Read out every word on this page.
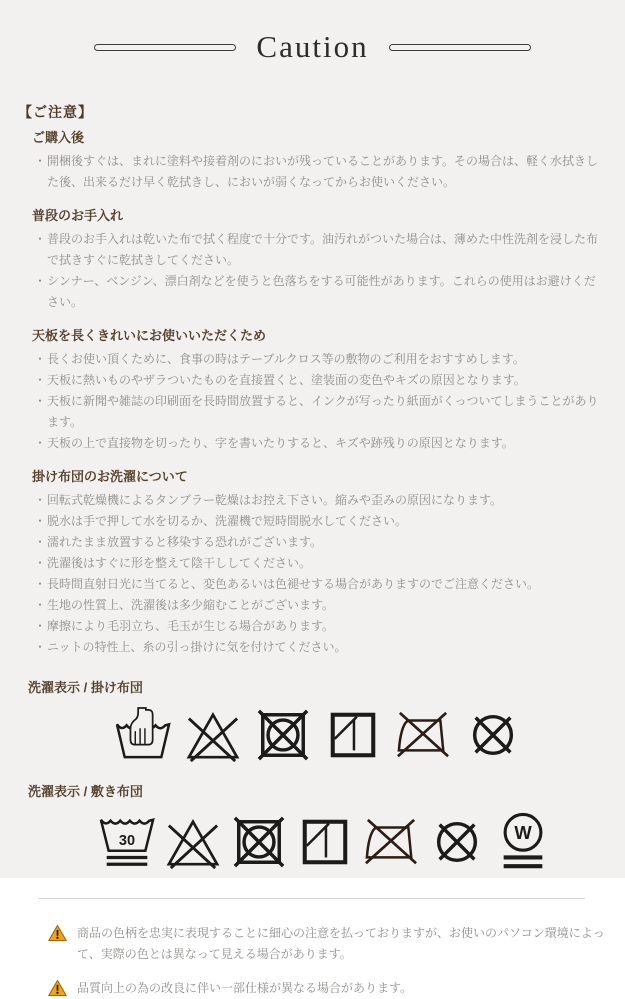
Caution

【ご注意】

ご購入後
・ 開梱後すぐは、まれに塗料や接着剤のにおいが残っていることがあります。その場合は、軽く水拭きした後、出来るだけ早く乾拭きし、においが弱くなってからお使いください。
普段のお手入れ
・ 普段のお手入れは乾いた布で拭く程度で十分です。油汚れがついた場合は、薄めた中性洗剤を浸した布で拭きすぐに乾拭きしてください。
・ シンナー、ベンジン、漂白剤などを使うと色落ちをする可能性があります。これらの使用はお避けください。
天板を長くきれいにお使いいただくため
・ 長くお使い頂くために、食事の時はテーブルクロス等の敷物のご利用をおすすめします。
・ 天板に熱いものやザラついたものを直接置くと、塗装面の変色やキズの原因となります。
・ 天板に新聞や雑誌の印刷面を長時間放置すると、インクが写ったり紙面がくっついてしまうことがあります。
・ 天板の上で直接物を切ったり、字を書いたりすると、キズや跡残りの原因となります。
掛け布団のお洗濯について
・ 回転式乾燥機によるタンブラー乾燥はお控え下さい。縮みや歪みの原因になります。
・ 脱水は手で押して水を切るか、洗濯機で短時間脱水してください。
・ 濡れたまま放置すると移染する恐れがございます。
・ 洗濯後はすぐに形を整えて陰干ししてください。
・ 長時間直射日光に当てると、変色あるいは色褪せする場合がありますのでご注意ください。
・ 生地の性質上、洗濯後は多少縮むことがございます。
・ 摩擦により毛羽立ち、毛玉が生じる場合があります。
・ ニットの特性上、糸の引っ掛けに気を付けてください。

洗濯表示 / 掛け布団

洗濯表示 / 敷き布団

30	W

商品の色柄を忠実に表現することに細心の注意を払っておりますが、お使いのパソコン環境によって、実際の色とは異なって見える場合があります。

品質向上の為の改良に伴い一部仕様が異なる場合があります。
